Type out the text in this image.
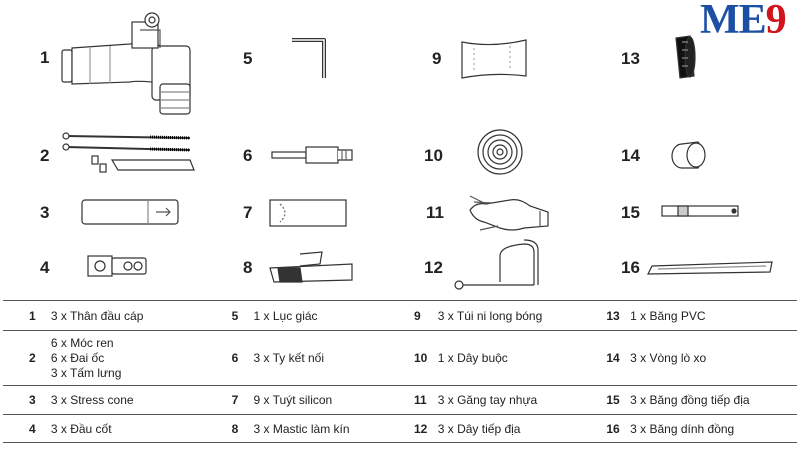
1
2
3
4
5
6
7
8
9
10
11
12
13
14
15
16
ME9
1	3 x Thân đầu cáp	5	1 x Lục giác	9	3 x Túi ni long bóng	13	1 x Băng PVC
2	6 x Móc ren
6 x Đai ốc
3 x Tấm lưng	6	3 x Ty kết nối	10	1 x Dây buộc	14	3 x Vòng lò xo
3	3 x Stress cone	7	9 x Tuýt silicon	11	3 x Găng tay nhựa	15	3 x Băng đồng tiếp địa
4	3 x Đầu cốt	8	3 x Mastic làm kín	12	3 x Dây tiếp địa	16	3 x Băng dính đồng
